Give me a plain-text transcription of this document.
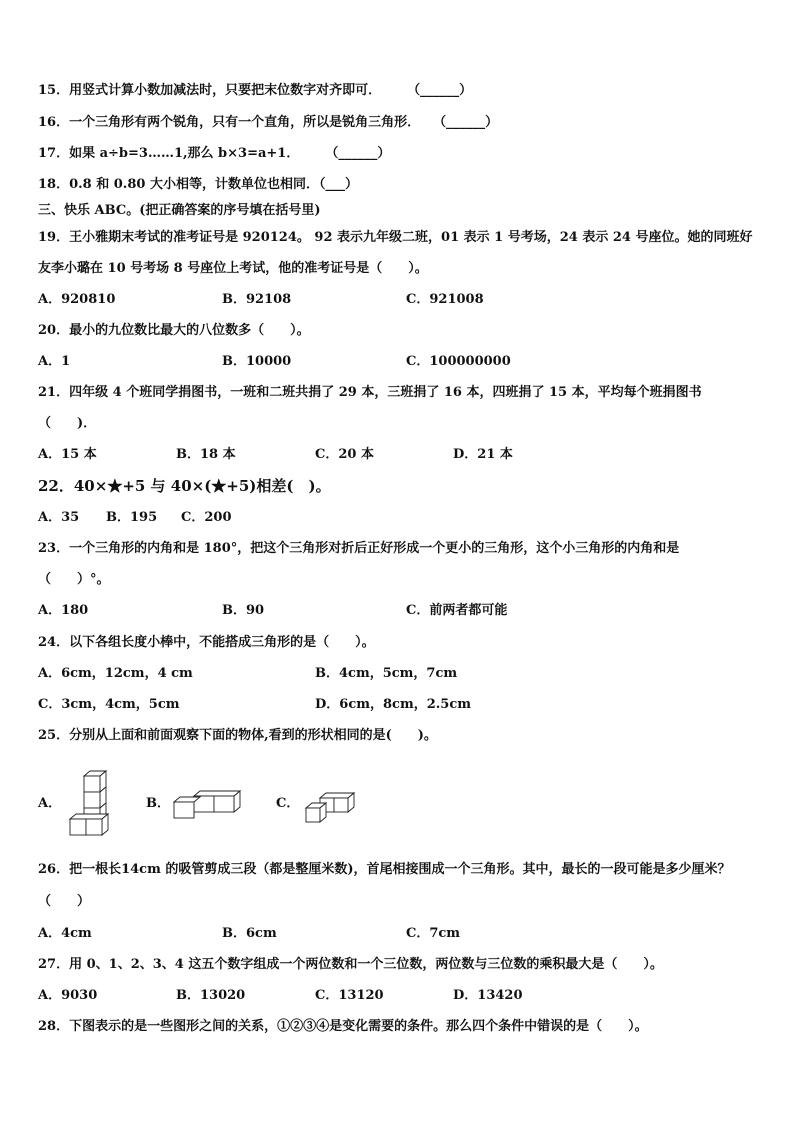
15．用竖式计算小数加减法时，只要把末位数字对齐即可．　　　（______）
16．一个三角形有两个锐角，只有一个直角，所以是锐角三角形．　　（______）
17．如果 a÷b=3……1,那么 b×3=a+1．　　　（______）
18．0.8 和 0.80 大小相等，计数单位也相同．（___）
三、快乐 ABC。(把正确答案的序号填在括号里)
19．王小雅期末考试的准考证号是 920124。 92 表示九年级二班，01 表示 1 号考场，24 表示 24 号座位。她的同班好
友李小璐在 10 号考场 8 号座位上考试，他的准考证号是（　　）。
A．920810	B．92108	C．921008
20．最小的九位数比最大的八位数多（　　）。
A．1	B．10000	C．100000000
21．四年级 4 个班同学捐图书，一班和二班共捐了 29 本，三班捐了 16 本，四班捐了 15 本，平均每个班捐图书
（　　)．
A．15 本	B．18 本	C．20 本	D．21 本
22．40×★+5 与 40×(★+5)相差(　)。
A．35 B．195 C．200
23．一个三角形的内角和是 180°，把这个三角形对折后正好形成一个更小的三角形，这个小三角形的内角和是
（　　）°。
A．180	B．90	C．前两者都可能
24．以下各组长度小棒中，不能搭成三角形的是（　　）。
A．6cm，12cm，4 cm	B．4cm，5cm，7cm
C．3cm，4cm，5cm	D．6cm，8cm，2.5cm
25．分别从上面和前面观察下面的物体,看到的形状相同的是(　　)。
A．	B．	C．
26．把一根长14cm 的吸管剪成三段（都是整厘米数)，首尾相接围成一个三角形。其中，最长的一段可能是多少厘米？
（　　）
A．4cm	B．6cm	C．7cm
27．用 0、1、2、3、4 这五个数字组成一个两位数和一个三位数，两位数与三位数的乘积最大是（　　）。
A．9030	B．13020	C．13120	D．13420
28．下图表示的是一些图形之间的关系，①②③④是变化需要的条件。那么四个条件中错误的是（　　）。
